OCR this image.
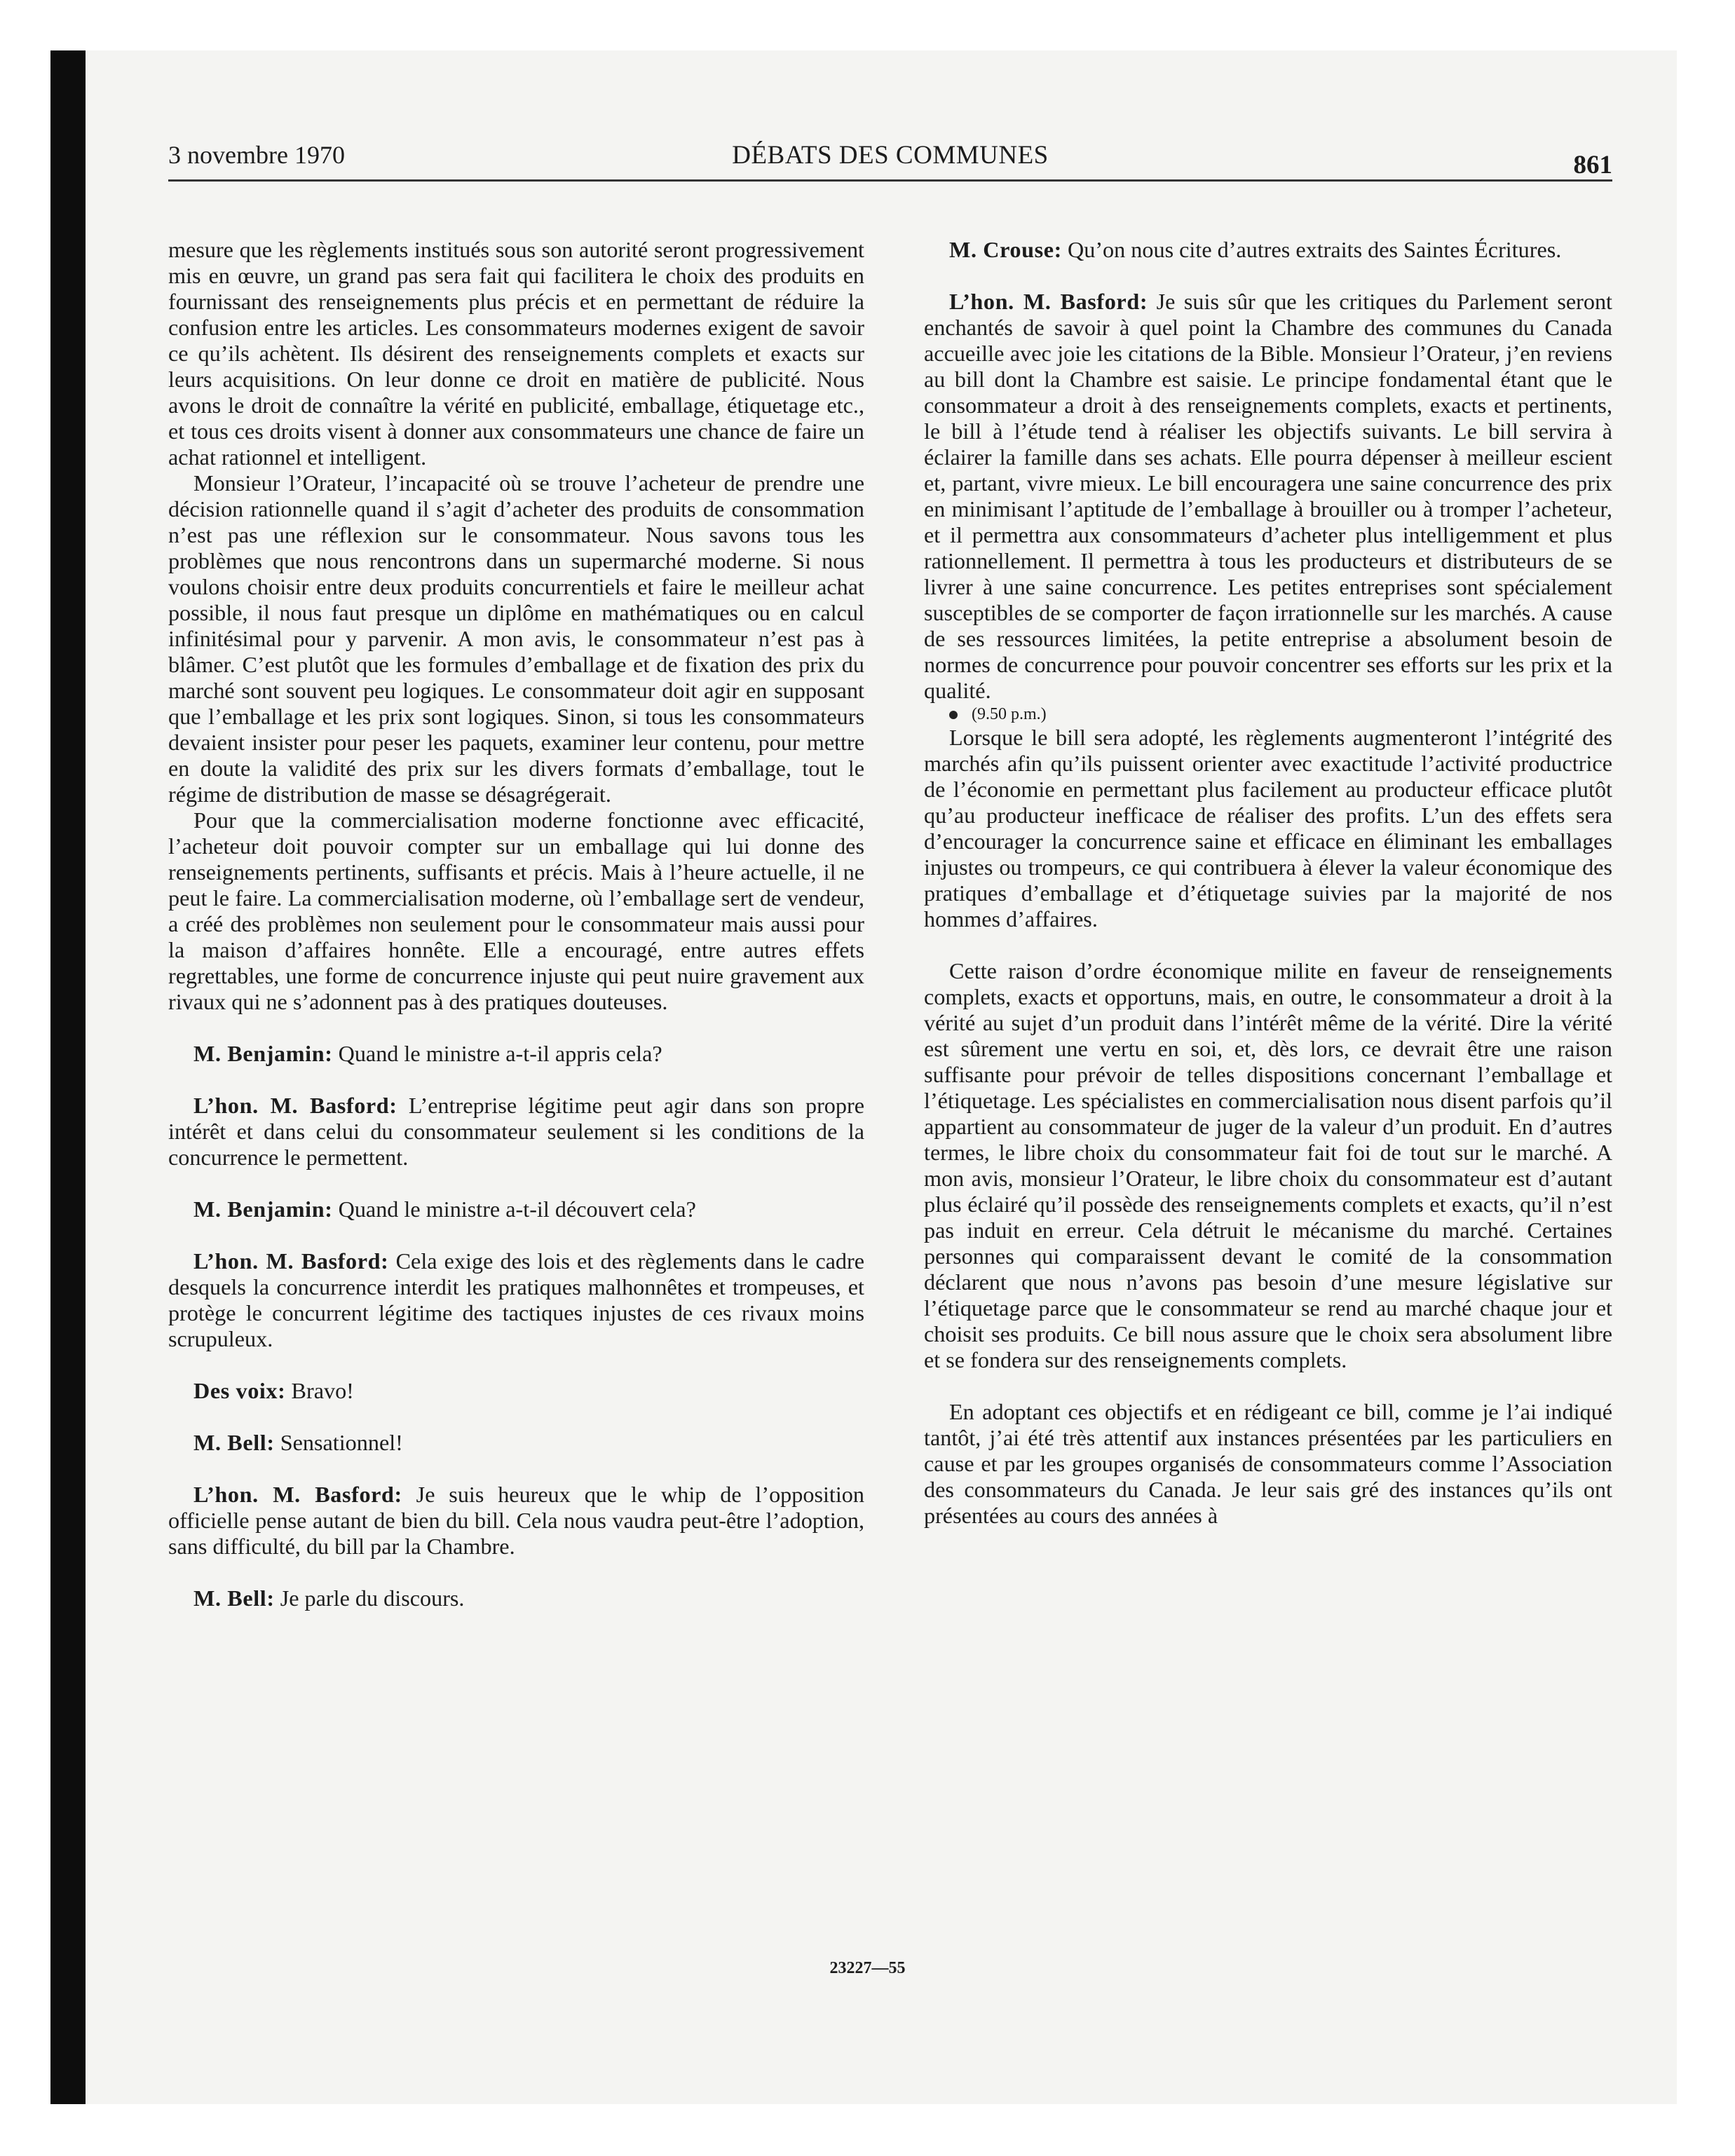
3 novembre 1970	DÉBATS DES COMMUNES	861

mesure que les règlements institués sous son autorité seront progressivement mis en œuvre, un grand pas sera fait qui facilitera le choix des produits en fournissant des renseignements plus précis et en permettant de réduire la confusion entre les articles. Les consommateurs modernes exigent de savoir ce qu’ils achètent. Ils désirent des renseignements complets et exacts sur leurs acquisitions. On leur donne ce droit en matière de publicité. Nous avons le droit de connaître la vérité en publicité, emballage, étiquetage etc., et tous ces droits visent à donner aux consommateurs une chance de faire un achat rationnel et intelligent.

Monsieur l’Orateur, l’incapacité où se trouve l’acheteur de prendre une décision rationnelle quand il s’agit d’acheter des produits de consommation n’est pas une réflexion sur le consommateur. Nous savons tous les problèmes que nous rencontrons dans un supermarché moderne. Si nous voulons choisir entre deux produits concurrentiels et faire le meilleur achat possible, il nous faut presque un diplôme en mathématiques ou en calcul infinitésimal pour y parvenir. A mon avis, le consommateur n’est pas à blâmer. C’est plutôt que les formules d’emballage et de fixation des prix du marché sont souvent peu logiques. Le consommateur doit agir en supposant que l’emballage et les prix sont logiques. Sinon, si tous les consommateurs devaient insister pour peser les paquets, examiner leur contenu, pour mettre en doute la validité des prix sur les divers formats d’emballage, tout le régime de distribution de masse se désagrégerait.

Pour que la commercialisation moderne fonctionne avec efficacité, l’acheteur doit pouvoir compter sur un emballage qui lui donne des renseignements pertinents, suffisants et précis. Mais à l’heure actuelle, il ne peut le faire. La commercialisation moderne, où l’emballage sert de vendeur, a créé des problèmes non seulement pour le consommateur mais aussi pour la maison d’affaires honnête. Elle a encouragé, entre autres effets regrettables, une forme de concurrence injuste qui peut nuire gravement aux rivaux qui ne s’adonnent pas à des pratiques douteuses.

M. Benjamin: Quand le ministre a-t-il appris cela?

L’hon. M. Basford: L’entreprise légitime peut agir dans son propre intérêt et dans celui du consommateur seulement si les conditions de la concurrence le permettent.

M. Benjamin: Quand le ministre a-t-il découvert cela?

L’hon. M. Basford: Cela exige des lois et des règlements dans le cadre desquels la concurrence interdit les pratiques malhonnêtes et trompeuses, et protège le concurrent légitime des tactiques injustes de ces rivaux moins scrupuleux.

Des voix: Bravo!

M. Bell: Sensationnel!

L’hon. M. Basford: Je suis heureux que le whip de l’opposition officielle pense autant de bien du bill. Cela nous vaudra peut-être l’adoption, sans difficulté, du bill par la Chambre.

M. Bell: Je parle du discours.

M. Crouse: Qu’on nous cite d’autres extraits des Saintes Écritures.

L’hon. M. Basford: Je suis sûr que les critiques du Parlement seront enchantés de savoir à quel point la Chambre des communes du Canada accueille avec joie les citations de la Bible. Monsieur l’Orateur, j’en reviens au bill dont la Chambre est saisie. Le principe fondamental étant que le consommateur a droit à des renseignements complets, exacts et pertinents, le bill à l’étude tend à réaliser les objectifs suivants. Le bill servira à éclairer la famille dans ses achats. Elle pourra dépenser à meilleur escient et, partant, vivre mieux. Le bill encouragera une saine concurrence des prix en minimisant l’aptitude de l’emballage à brouiller ou à tromper l’acheteur, et il permettra aux consommateurs d’acheter plus intelligemment et plus rationnellement. Il permettra à tous les producteurs et distributeurs de se livrer à une saine concurrence. Les petites entreprises sont spécialement susceptibles de se comporter de façon irrationnelle sur les marchés. A cause de ses ressources limitées, la petite entreprise a absolument besoin de normes de concurrence pour pouvoir concentrer ses efforts sur les prix et la qualité.

(9.50 p.m.)

Lorsque le bill sera adopté, les règlements augmenteront l’intégrité des marchés afin qu’ils puissent orienter avec exactitude l’activité productrice de l’économie en permettant plus facilement au producteur efficace plutôt qu’au producteur inefficace de réaliser des profits. L’un des effets sera d’encourager la concurrence saine et efficace en éliminant les emballages injustes ou trompeurs, ce qui contribuera à élever la valeur économique des pratiques d’emballage et d’étiquetage suivies par la majorité de nos hommes d’affaires.

Cette raison d’ordre économique milite en faveur de renseignements complets, exacts et opportuns, mais, en outre, le consommateur a droit à la vérité au sujet d’un produit dans l’intérêt même de la vérité. Dire la vérité est sûrement une vertu en soi, et, dès lors, ce devrait être une raison suffisante pour prévoir de telles dispositions concernant l’emballage et l’étiquetage. Les spécialistes en commercialisation nous disent parfois qu’il appartient au consommateur de juger de la valeur d’un produit. En d’autres termes, le libre choix du consommateur fait foi de tout sur le marché. A mon avis, monsieur l’Orateur, le libre choix du consommateur est d’autant plus éclairé qu’il possède des renseignements complets et exacts, qu’il n’est pas induit en erreur. Cela détruit le mécanisme du marché. Certaines personnes qui comparaissent devant le comité de la consommation déclarent que nous n’avons pas besoin d’une mesure législative sur l’étiquetage parce que le consommateur se rend au marché chaque jour et choisit ses produits. Ce bill nous assure que le choix sera absolument libre et se fondera sur des renseignements complets.

En adoptant ces objectifs et en rédigeant ce bill, comme je l’ai indiqué tantôt, j’ai été très attentif aux instances présentées par les particuliers en cause et par les groupes organisés de consommateurs comme l’Association des consommateurs du Canada. Je leur sais gré des instances qu’ils ont présentées au cours des années à

23227—55
